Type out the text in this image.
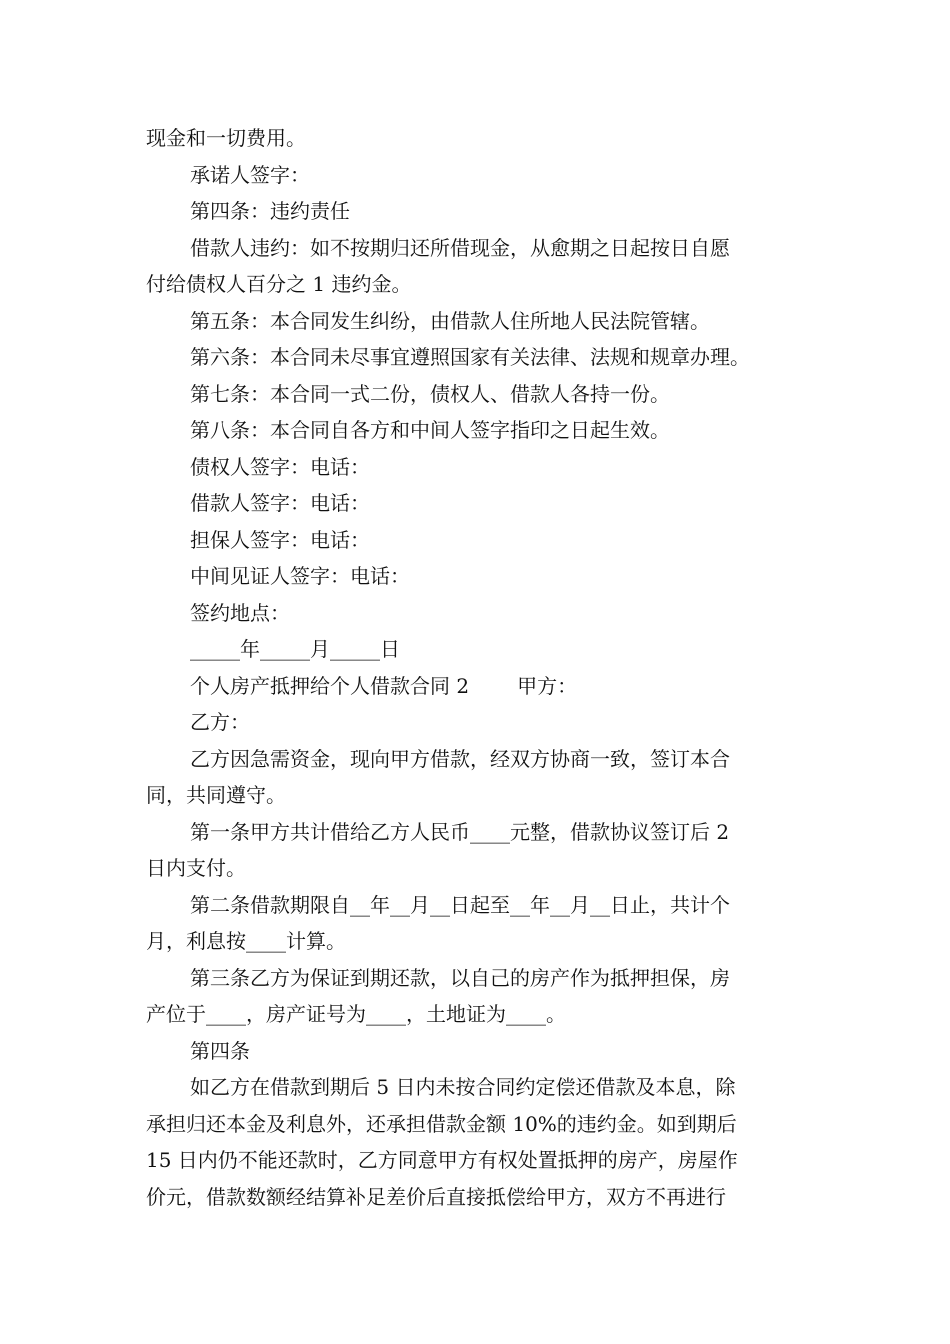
现金和一切费用。
承诺人签字：
第四条：违约责任
借款人违约：如不按期归还所借现金，从愈期之日起按日自愿
付给债权人百分之 1 违约金。
第五条：本合同发生纠纷，由借款人住所地人民法院管辖。
第六条：本合同未尽事宜遵照国家有关法律、法规和规章办理。
第七条：本合同一式二份，债权人、借款人各持一份。
第八条：本合同自各方和中间人签字指印之日起生效。
债权人签字：电话：
借款人签字：电话：
担保人签字：电话：
中间见证人签字：电话：
签约地点：
_____年_____月_____日
个人房产抵押给个人借款合同 2 甲方：
乙方：
乙方因急需资金，现向甲方借款，经双方协商一致，签订本合
同，共同遵守。
第一条甲方共计借给乙方人民币____元整，借款协议签订后 2
日内支付。
第二条借款期限自__年__月__日起至__年__月__日止，共计个
月，利息按____计算。
第三条乙方为保证到期还款，以自己的房产作为抵押担保，房
产位于____，房产证号为____，土地证为____。
第四条
如乙方在借款到期后 5 日内未按合同约定偿还借款及本息，除
承担归还本金及利息外，还承担借款金额 10%的违约金。如到期后
15 日内仍不能还款时，乙方同意甲方有权处置抵押的房产，房屋作
价元，借款数额经结算补足差价后直接抵偿给甲方，双方不再进行
